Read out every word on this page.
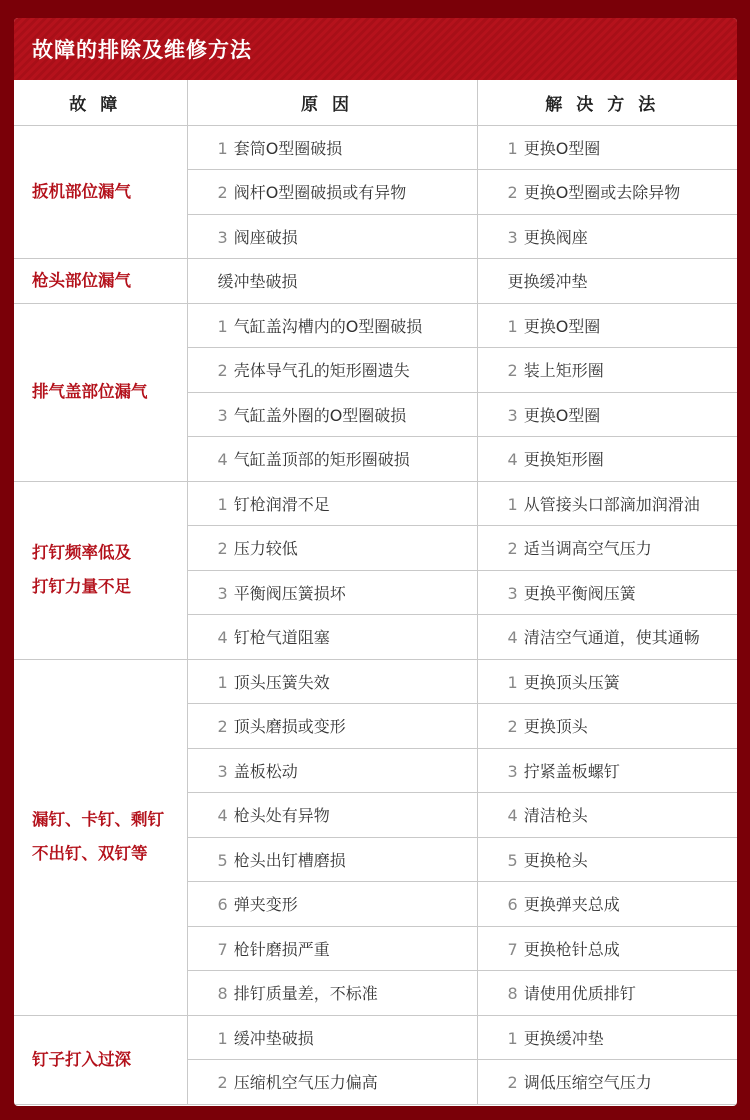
故障的排除及维修方法
故障	原因	解决方法

扳机部位漏气	1 套筒O型圈破损	1 更换O型圈
	2 阀杆O型圈破损或有异物	2 更换O型圈或去除异物
	3 阀座破损	3 更换阀座

枪头部位漏气	缓冲垫破损	更换缓冲垫

排气盖部位漏气	1 气缸盖沟槽内的O型圈破损	1 更换O型圈
	2 壳体导气孔的矩形圈遗失	2 装上矩形圈
	3 气缸盖外圈的O型圈破损	3 更换O型圈
	4 气缸盖顶部的矩形圈破损	4 更换矩形圈

打钉频率低及
打钉力量不足	1 钉枪润滑不足	1 从管接头口部滴加润滑油
	2 压力较低	2 适当调高空气压力
	3 平衡阀压簧损坏	3 更换平衡阀压簧
	4 钉枪气道阻塞	4 清洁空气通道，使其通畅

漏钉、卡钉、剩钉
不出钉、双钉等	1 顶头压簧失效	1 更换顶头压簧
	2 顶头磨损或变形	2 更换顶头
	3 盖板松动	3 拧紧盖板螺钉
	4 枪头处有异物	4 清洁枪头
	5 枪头出钉槽磨损	5 更换枪头
	6 弹夹变形	6 更换弹夹总成
	7 枪针磨损严重	7 更换枪针总成
	8 排钉质量差，不标准	8 请使用优质排钉

钉子打入过深	1 缓冲垫破损	1 更换缓冲垫
	2 压缩机空气压力偏高	2 调低压缩空气压力
